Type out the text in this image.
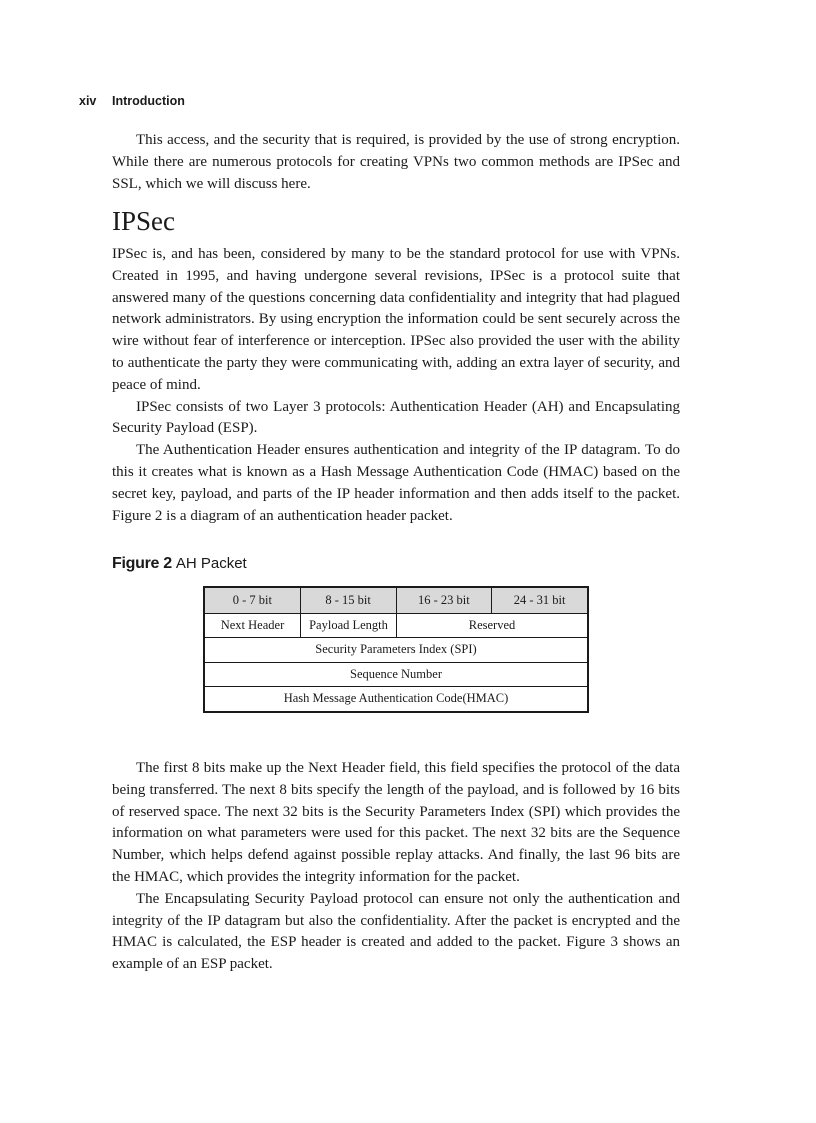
xiv Introduction

This access, and the security that is required, is provided by the use of strong encryption. While there are numerous protocols for creating VPNs two common methods are IPSec and SSL, which we will discuss here.

IPSec

IPSec is, and has been, considered by many to be the standard protocol for use with VPNs. Created in 1995, and having undergone several revisions, IPSec is a protocol suite that answered many of the questions concerning data confidentiality and integrity that had plagued network administrators. By using encryption the information could be sent securely across the wire without fear of interference or interception. IPSec also provided the user with the ability to authenticate the party they were communicating with, adding an extra layer of security, and peace of mind.

IPSec consists of two Layer 3 protocols: Authentication Header (AH) and Encapsulating Security Payload (ESP).

The Authentication Header ensures authentication and integrity of the IP datagram. To do this it creates what is known as a Hash Message Authentication Code (HMAC) based on the secret key, payload, and parts of the IP header information and then adds itself to the packet. Figure 2 is a diagram of an authentication header packet.

Figure 2 AH Packet
0 - 7 bit	8 - 15 bit	16 - 23 bit	24 - 31 bit
Next Header	Payload Length	Reserved
Security Parameters Index (SPI)
Sequence Number
Hash Message Authentication Code(HMAC)

The first 8 bits make up the Next Header field, this field specifies the protocol of the data being transferred. The next 8 bits specify the length of the payload, and is followed by 16 bits of reserved space. The next 32 bits is the Security Parameters Index (SPI) which provides the information on what parameters were used for this packet. The next 32 bits are the Sequence Number, which helps defend against possible replay attacks. And finally, the last 96 bits are the HMAC, which provides the integrity information for the packet.

The Encapsulating Security Payload protocol can ensure not only the authentication and integrity of the IP datagram but also the confidentiality. After the packet is encrypted and the HMAC is calculated, the ESP header is created and added to the packet. Figure 3 shows an example of an ESP packet.
